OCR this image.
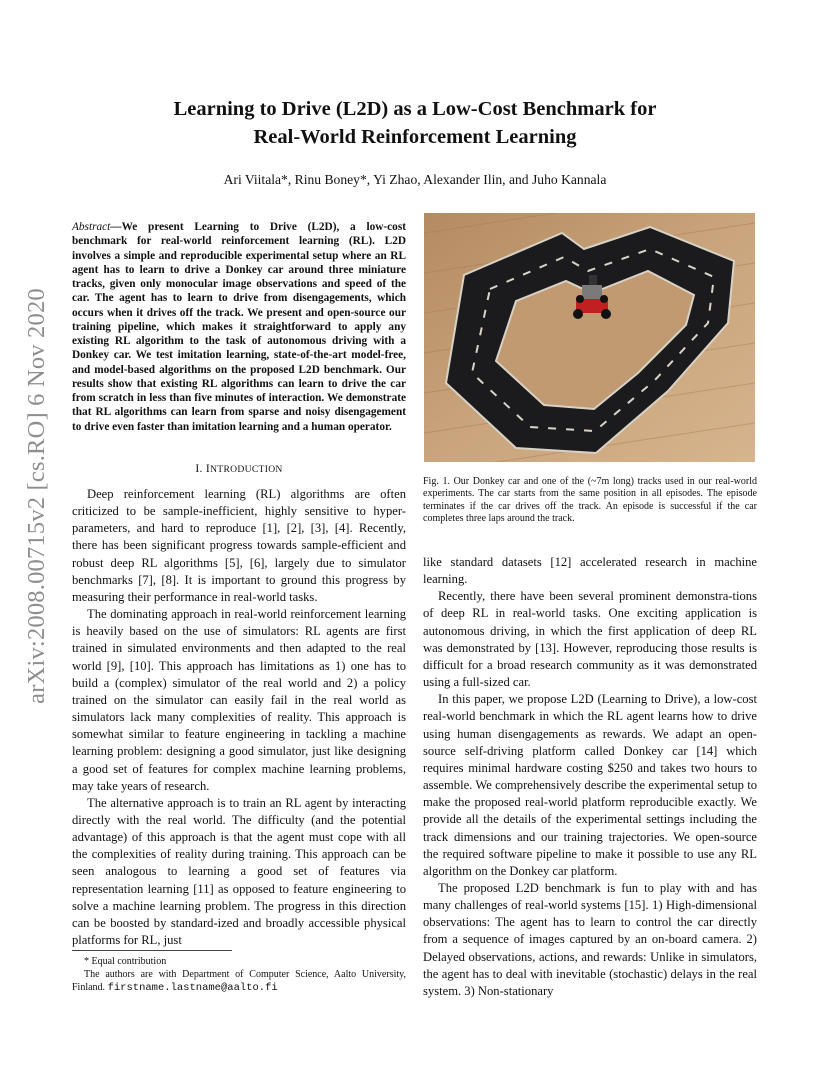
arXiv:2008.00715v2 [cs.RO] 6 Nov 2020
Learning to Drive (L2D) as a Low-Cost Benchmark for
Real-World Reinforcement Learning
Ari Viitala*, Rinu Boney*, Yi Zhao, Alexander Ilin, and Juho Kannala
Abstract—We present Learning to Drive (L2D), a low-cost benchmark for real-world reinforcement learning (RL). L2D involves a simple and reproducible experimental setup where an RL agent has to learn to drive a Donkey car around three miniature tracks, given only monocular image observations and speed of the car. The agent has to learn to drive from disengagements, which occurs when it drives off the track. We present and open-source our training pipeline, which makes it straightforward to apply any existing RL algorithm to the task of autonomous driving with a Donkey car. We test imitation learning, state-of-the-art model-free, and model-based algorithms on the proposed L2D benchmark. Our results show that existing RL algorithms can learn to drive the car from scratch in less than five minutes of interaction. We demonstrate that RL algorithms can learn from sparse and noisy disengagement to drive even faster than imitation learning and a human operator.
I. INTRODUCTION

Deep reinforcement learning (RL) algorithms are often criticized to be sample-inefficient, highly sensitive to hyper-parameters, and hard to reproduce [1], [2], [3], [4]. Recently, there has been significant progress towards sample-efficient and robust deep RL algorithms [5], [6], largely due to simulator benchmarks [7], [8]. It is important to ground this progress by measuring their performance in real-world tasks.

The dominating approach in real-world reinforcement learning is heavily based on the use of simulators: RL agents are first trained in simulated environments and then adapted to the real world [9], [10]. This approach has limitations as 1) one has to build a (complex) simulator of the real world and 2) a policy trained on the simulator can easily fail in the real world as simulators lack many complexities of reality. This approach is somewhat similar to feature engineering in tackling a machine learning problem: designing a good simulator, just like designing a good set of features for complex machine learning problems, may take years of research.

The alternative approach is to train an RL agent by interacting directly with the real world. The difficulty (and the potential advantage) of this approach is that the agent must cope with all the complexities of reality during training. This approach can be seen analogous to learning a good set of features via representation learning [11] as opposed to feature engineering to solve a machine learning problem. The progress in this direction can be boosted by standard-ized and broadly accessible physical platforms for RL, just

* Equal contribution

The authors are with Department of Computer Science, Aalto University, Finland. firstname.lastname@aalto.fi

Fig. 1. Our Donkey car and one of the (~7m long) tracks used in our real-world experiments. The car starts from the same position in all episodes. The episode terminates if the car drives off the track. An episode is successful if the car completes three laps around the track.

like standard datasets [12] accelerated research in machine learning.

Recently, there have been several prominent demonstra-tions of deep RL in real-world tasks. One exciting application is autonomous driving, in which the first application of deep RL was demonstrated by [13]. However, reproducing those results is difficult for a broad research community as it was demonstrated using a full-sized car.

In this paper, we propose L2D (Learning to Drive), a low-cost real-world benchmark in which the RL agent learns how to drive using human disengagements as rewards. We adapt an open-source self-driving platform called Donkey car [14] which requires minimal hardware costing $250 and takes two hours to assemble. We comprehensively describe the experimental setup to make the proposed real-world platform reproducible exactly. We provide all the details of the experimental settings including the track dimensions and our training trajectories. We open-source the required software pipeline to make it possible to use any RL algorithm on the Donkey car platform.

The proposed L2D benchmark is fun to play with and has many challenges of real-world systems [15]. 1) High-dimensional observations: The agent has to learn to control the car directly from a sequence of images captured by an on-board camera. 2) Delayed observations, actions, and rewards: Unlike in simulators, the agent has to deal with inevitable (stochastic) delays in the real system. 3) Non-stationary
